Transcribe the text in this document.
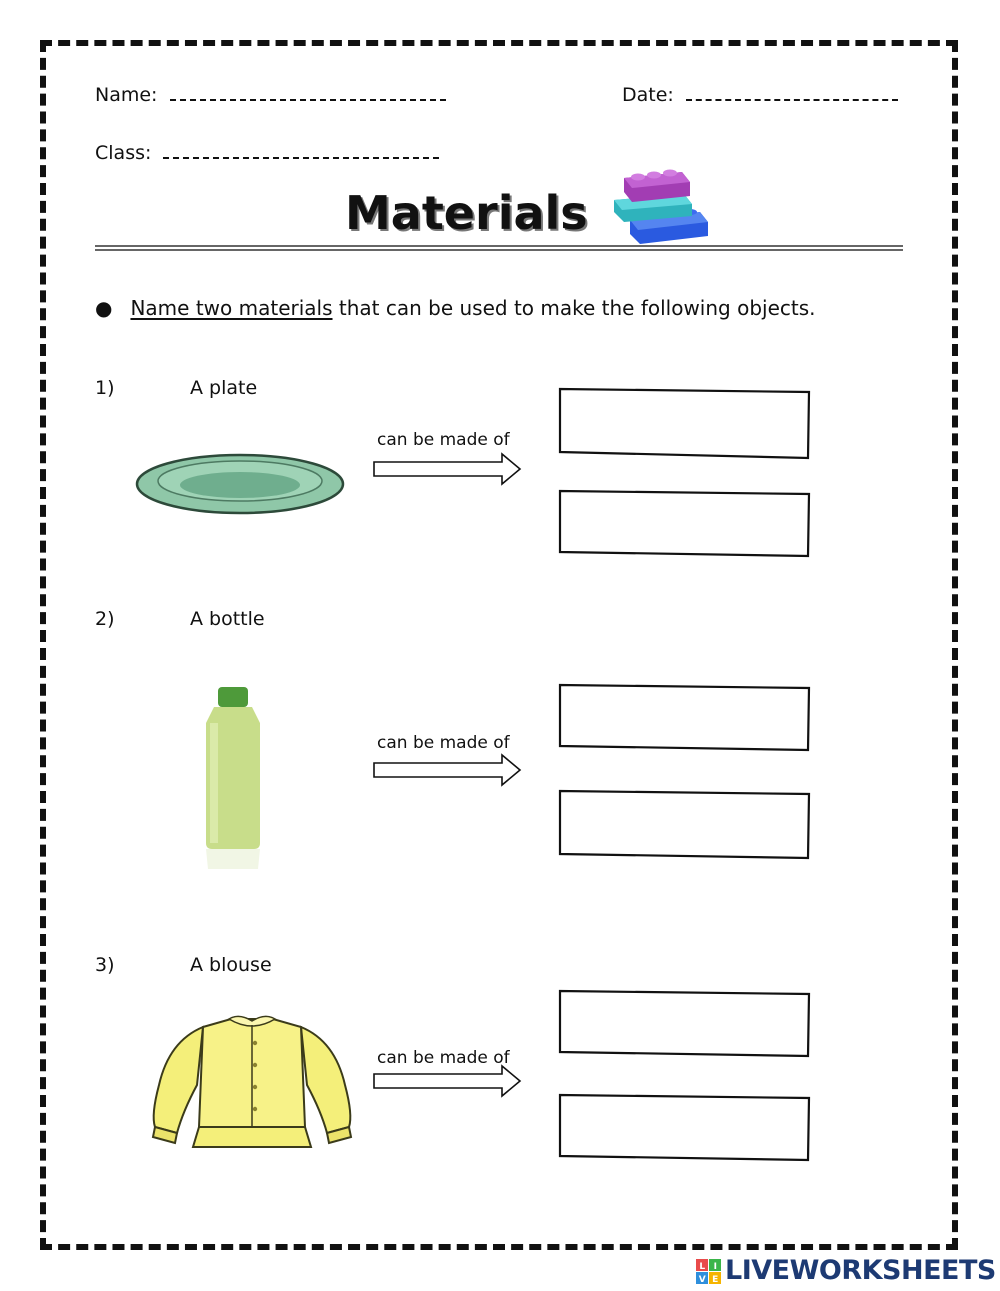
Name:	Date:
Class:
Materials
● Name two materials that can be used to make the following objects.
1)	A plate
can be made of
2)	A bottle
can be made of
3)	A blouse
can be made of
L I
V E LIVEWORKSHEETS
